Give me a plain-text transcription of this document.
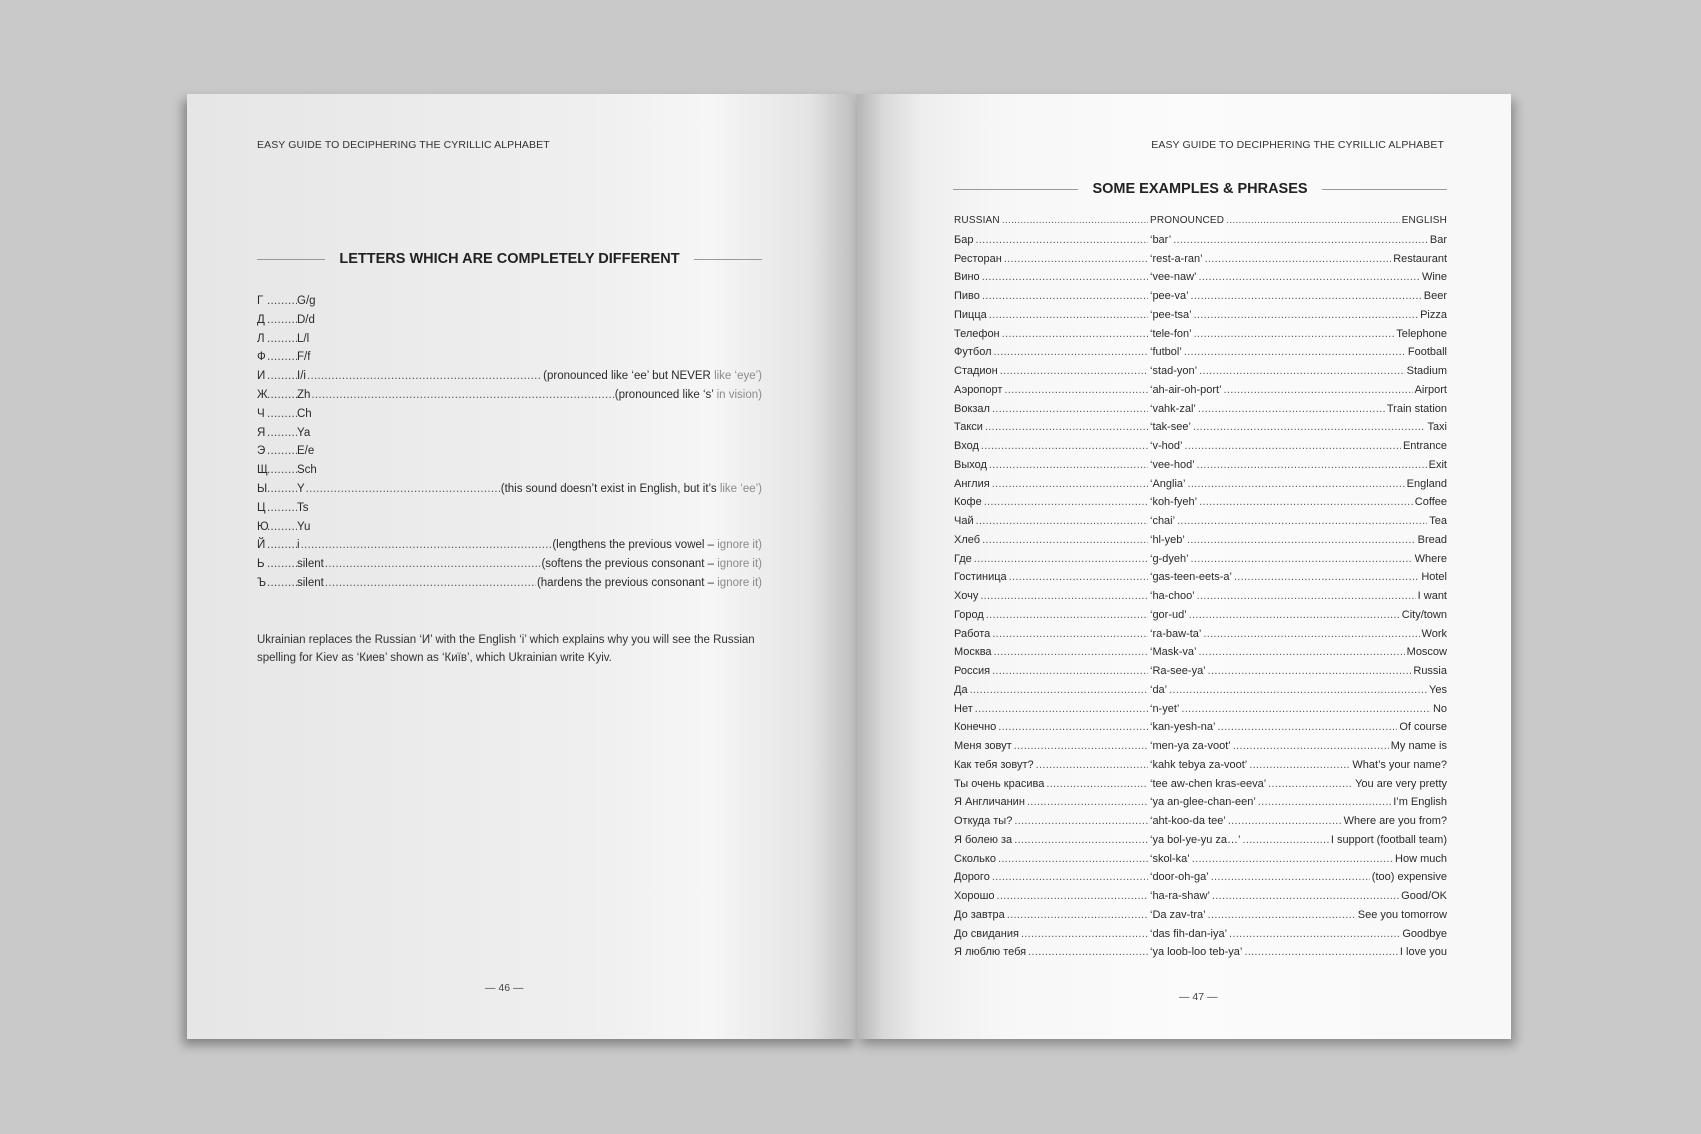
EASY GUIDE TO DECIPHERING THE CYRILLIC ALPHABET
LETTERS WHICH ARE COMPLETELY DIFFERENT
Г .....	G/g
Д .....	D/d
Л .....	L/l
Ф .....	F/f
И .....	I/i .....	(pronounced like ‘ee’ but NEVER like ‘eye’)
Ж .....	Zh .....	(pronounced like ‘s’ in vision)
Ч .....	Ch
Я .....	Ya
Э .....	E/e
Щ .....	Sch
Ы .....	Y .....	(this sound doesn’t exist in English, but it’s like ‘ee’)
Ц .....	Ts
Ю ..... Yu
Й .....	i .....	(lengthens the previous vowel – ignore it)
Ь .....	silent .....	(softens the previous consonant – ignore it)
Ъ .....	silent .....	(hardens the previous consonant – ignore it)
Ukrainian replaces the Russian ‘И’ with the English ‘i’ which explains why you will see the Russian spelling for Kiev as ‘Киев’ shown as ‘Київ’, which Ukrainian write Kyiv.
— 46 —
EASY GUIDE TO DECIPHERING THE CYRILLIC ALPHABET
SOME EXAMPLES & PHRASES
RUSSIAN .....	PRONOUNCED .....	ENGLISH
Бар .....	‘bar’ .....	Bar
Ресторан .....	‘rest-a-ran’ .....	Restaurant
Вино .....	‘vee-naw’ .....	Wine
Пиво .....	‘pee-va’ .....	Beer
Пицца .....	‘pee-tsa’ .....	Pizza
Телефон .....	‘tele-fon’ .....	Telephone
Футбол .....	‘futbol’ .....	Football
Стадион .....	‘stad-yon’ .....	Stadium
Аэропорт .....	‘ah-air-oh-port’ .....	Airport
Вокзал .....	‘vahk-zal’ .....	Train station
Такси .....	‘tak-see’ .....	Taxi
Вход .....	‘v-hod’ .....	Entrance
Выход .....	‘vee-hod’ .....	Exit
Англия .....	‘Anglia’ .....	England
Кофе .....	‘koh-fyeh’ .....	Coffee
Чай .....	‘chai’ .....	Tea
Хлеб .....	‘hl-yeb’ .....	Bread
Где .....	‘g-dyeh’ .....	Where
Гостиница .....	‘gas-teen-eets-a’ .....	Hotel
Хочу .....	‘ha-choo’ .....	I want
Город .....	‘gor-ud’ .....	City/town
Работа .....	‘ra-baw-ta’ .....	Work
Москва .....	‘Mask-va’ .....	Moscow
Россия .....	‘Ra-see-ya’ .....	Russia
Да .....	‘da’ .....	Yes
Нет .....	‘n-yet’ .....	No
Конечно .....	‘kan-yesh-na’ .....	Of course
Меня зовут .....	‘men-ya za-voot’ .....	My name is
Как тебя зовут? .....	‘kahk tebya za-voot’ .....	What’s your name?
Ты очень красива .....	‘tee aw-chen kras-eeva’ .....	You are very pretty
Я Англичанин .....	‘ya an-glee-chan-een’ .....	I’m English
Откуда ты? .....	‘aht-koo-da tee’ .....	Where are you from?
Я болею за .....	‘ya bol-ye-yu za…’ .....	I support (football team)
Сколько .....	‘skol-ka’ .....	How much
Дорого .....	‘door-oh-ga’ .....	(too) expensive
Хорошо .....	‘ha-ra-shaw’ .....	Good/OK
До завтра .....	‘Da zav-tra’ .....	See you tomorrow
До свидания .....	‘das fih-dan-iya’ .....	Goodbye
Я люблю тебя .....	‘ya loob-loo teb-ya’ .....	I love you
— 47 —
